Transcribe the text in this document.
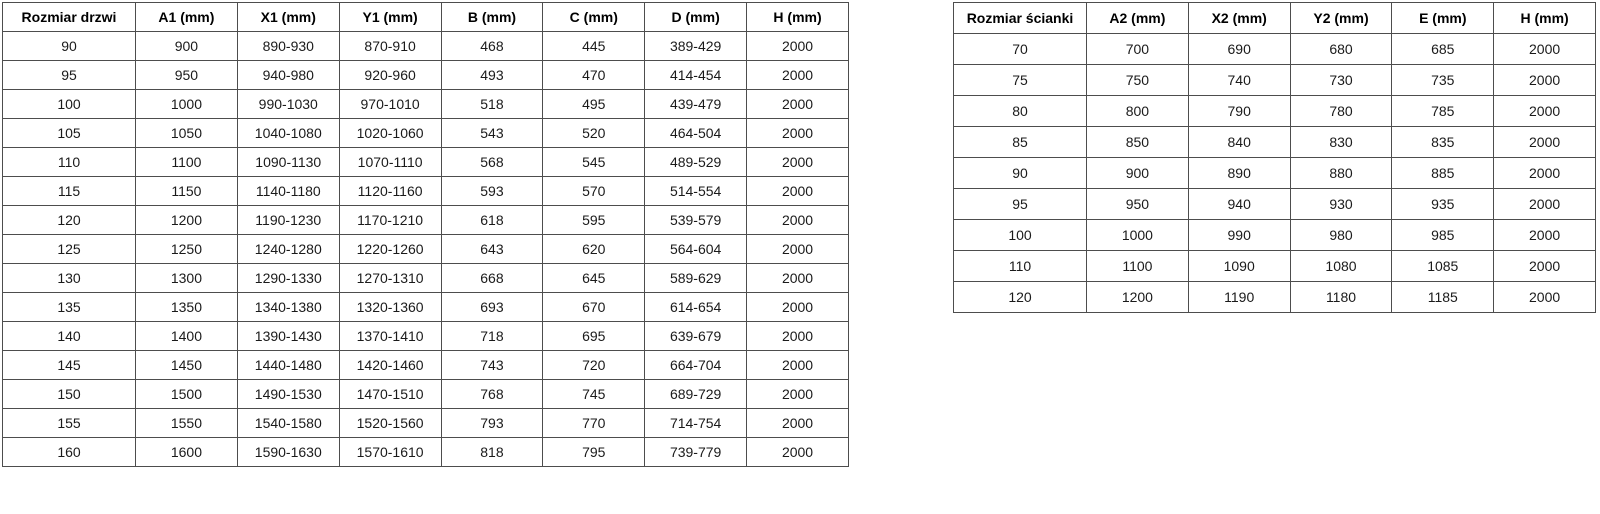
Rozmiar drzwi	A1 (mm)	X1 (mm)	Y1 (mm)	B (mm)	C (mm)	D (mm)	H (mm)
90	900	890-930	870-910	468	445	389-429	2000
95	950	940-980	920-960	493	470	414-454	2000
100	1000	990-1030	970-1010	518	495	439-479	2000
105	1050	1040-1080	1020-1060	543	520	464-504	2000
110	1100	1090-1130	1070-1110	568	545	489-529	2000
115	1150	1140-1180	1120-1160	593	570	514-554	2000
120	1200	1190-1230	1170-1210	618	595	539-579	2000
125	1250	1240-1280	1220-1260	643	620	564-604	2000
130	1300	1290-1330	1270-1310	668	645	589-629	2000
135	1350	1340-1380	1320-1360	693	670	614-654	2000
140	1400	1390-1430	1370-1410	718	695	639-679	2000
145	1450	1440-1480	1420-1460	743	720	664-704	2000
150	1500	1490-1530	1470-1510	768	745	689-729	2000
155	1550	1540-1580	1520-1560	793	770	714-754	2000
160	1600	1590-1630	1570-1610	818	795	739-779	2000
Rozmiar ścianki	A2 (mm)	X2 (mm)	Y2 (mm)	E (mm)	H (mm)
70	700	690	680	685	2000
75	750	740	730	735	2000
80	800	790	780	785	2000
85	850	840	830	835	2000
90	900	890	880	885	2000
95	950	940	930	935	2000
100	1000	990	980	985	2000
110	1100	1090	1080	1085	2000
120	1200	1190	1180	1185	2000
